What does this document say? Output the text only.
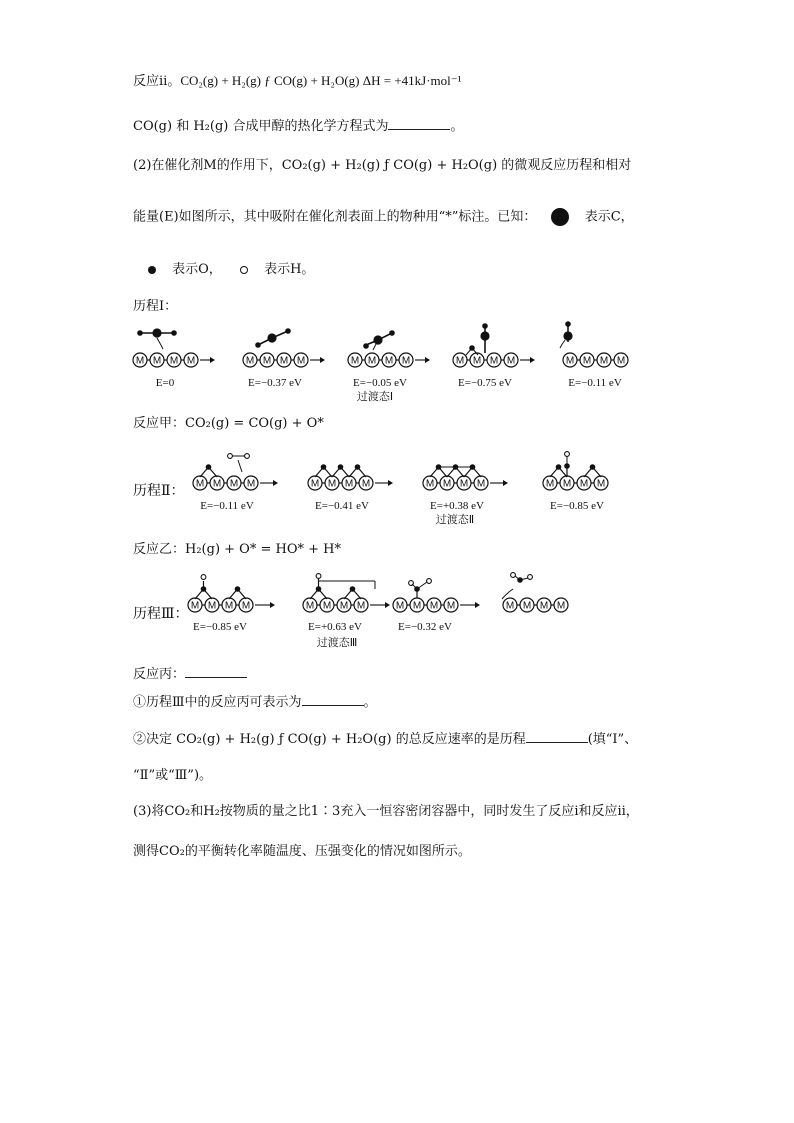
反应ⅱ。CO₂(g) + H₂(g) ƒ CO(g) + H₂O(g) ΔH = +41kJ·mol⁻¹
CO(g) 和 H₂(g) 合成甲醇的热化学方程式为	。
(2)在催化剂M的作用下，CO₂(g) + H₂(g) ƒ CO(g) + H₂O(g) 的微观反应历程和相对
能量(E)如图所示，其中吸附在催化剂表面上的物种用“*”标注。已知：	表示C，
表示O，	表示H。
历程Ⅰ：
M M M M	M M M M	M M M M	M M M M	M M M M
E=0	E=−0.37 eV	E=−0.05 eV	E=−0.75 eV	E=−0.11 eV
过渡态Ⅰ
反应甲：CO₂(g) = CO(g) + O*
历程Ⅱ： M M M M	M M M M	M M M M	M M M M
E=−0.11 eV	E=−0.41 eV	E=+0.38 eV	E=−0.85 eV
过渡态Ⅱ
反应乙：H₂(g) + O* = HO* + H*
历程Ⅲ： M M M M	M M M M	M M M M	M M M M
E=−0.85 eV	E=+0.63 eV	E=−0.32 eV
过渡态Ⅲ
反应丙：
①历程Ⅲ中的反应丙可表示为	。
②决定 CO₂(g) + H₂(g) ƒ CO(g) + H₂O(g) 的总反应速率的是历程	(填“Ⅰ”、
“Ⅱ”或“Ⅲ”)。
(3)将CO₂和H₂按物质的量之比1∶3充入一恒容密闭容器中，同时发生了反应ⅰ和反应ⅱ，
测得CO₂的平衡转化率随温度、压强变化的情况如图所示。
